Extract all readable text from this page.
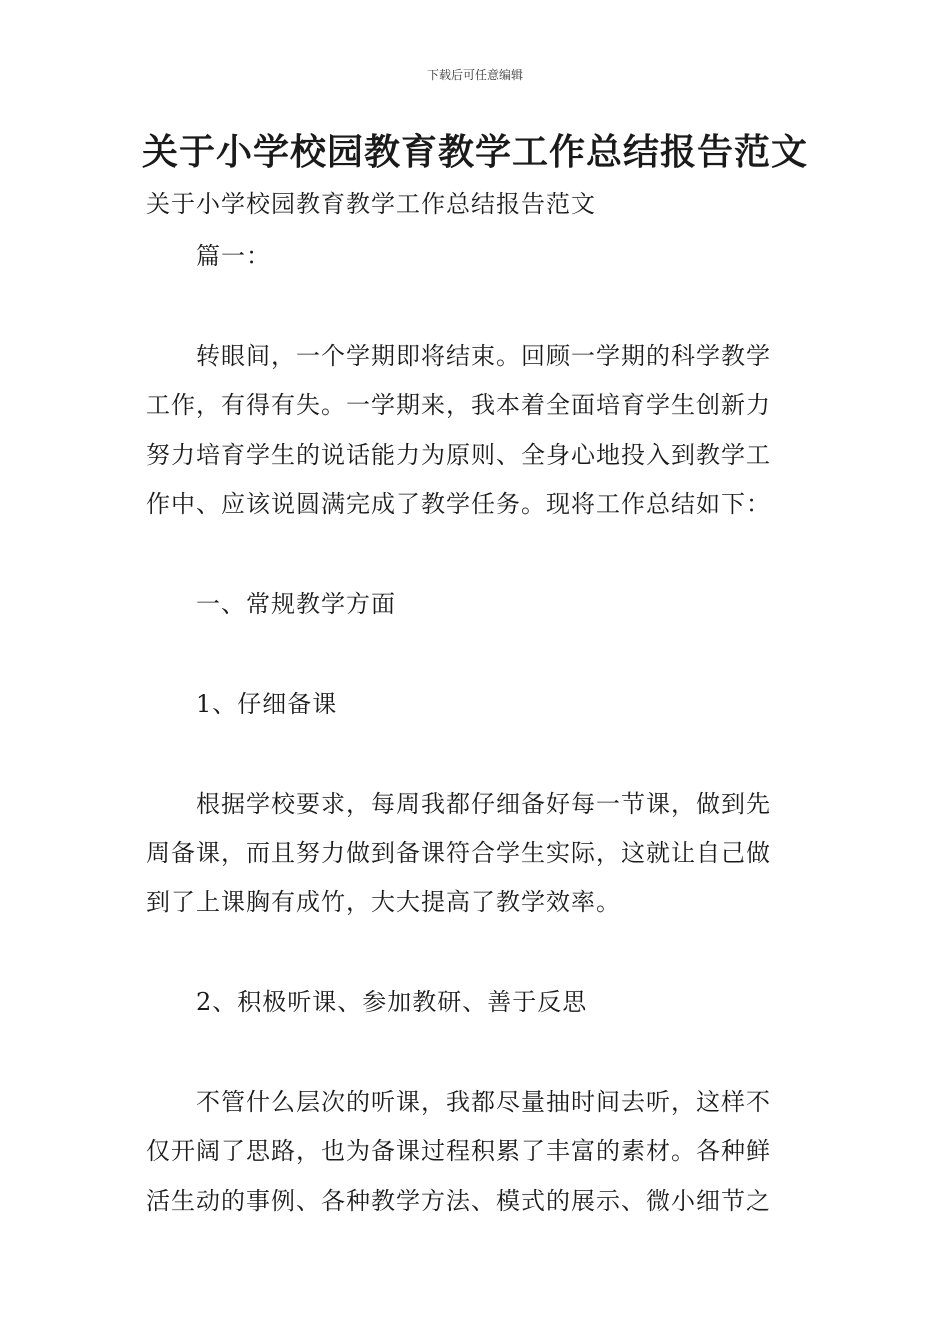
下载后可任意编辑
关于小学校园教育教学工作总结报告范文
关于小学校园教育教学工作总结报告范文
篇一：
转眼间，一个学期即将结束。回顾一学期的科学教学
工作，有得有失。一学期来，我本着全面培育学生创新力
努力培育学生的说话能力为原则、全身心地投入到教学工
作中、应该说圆满完成了教学任务。现将工作总结如下：
一、常规教学方面
1、仔细备课
根据学校要求，每周我都仔细备好每一节课，做到先
周备课，而且努力做到备课符合学生实际，这就让自己做
到了上课胸有成竹，大大提高了教学效率。
2、积极听课、参加教研、善于反思
不管什么层次的听课，我都尽量抽时间去听，这样不
仅开阔了思路，也为备课过程积累了丰富的素材。各种鲜
活生动的事例、各种教学方法、模式的展示、微小细节之
